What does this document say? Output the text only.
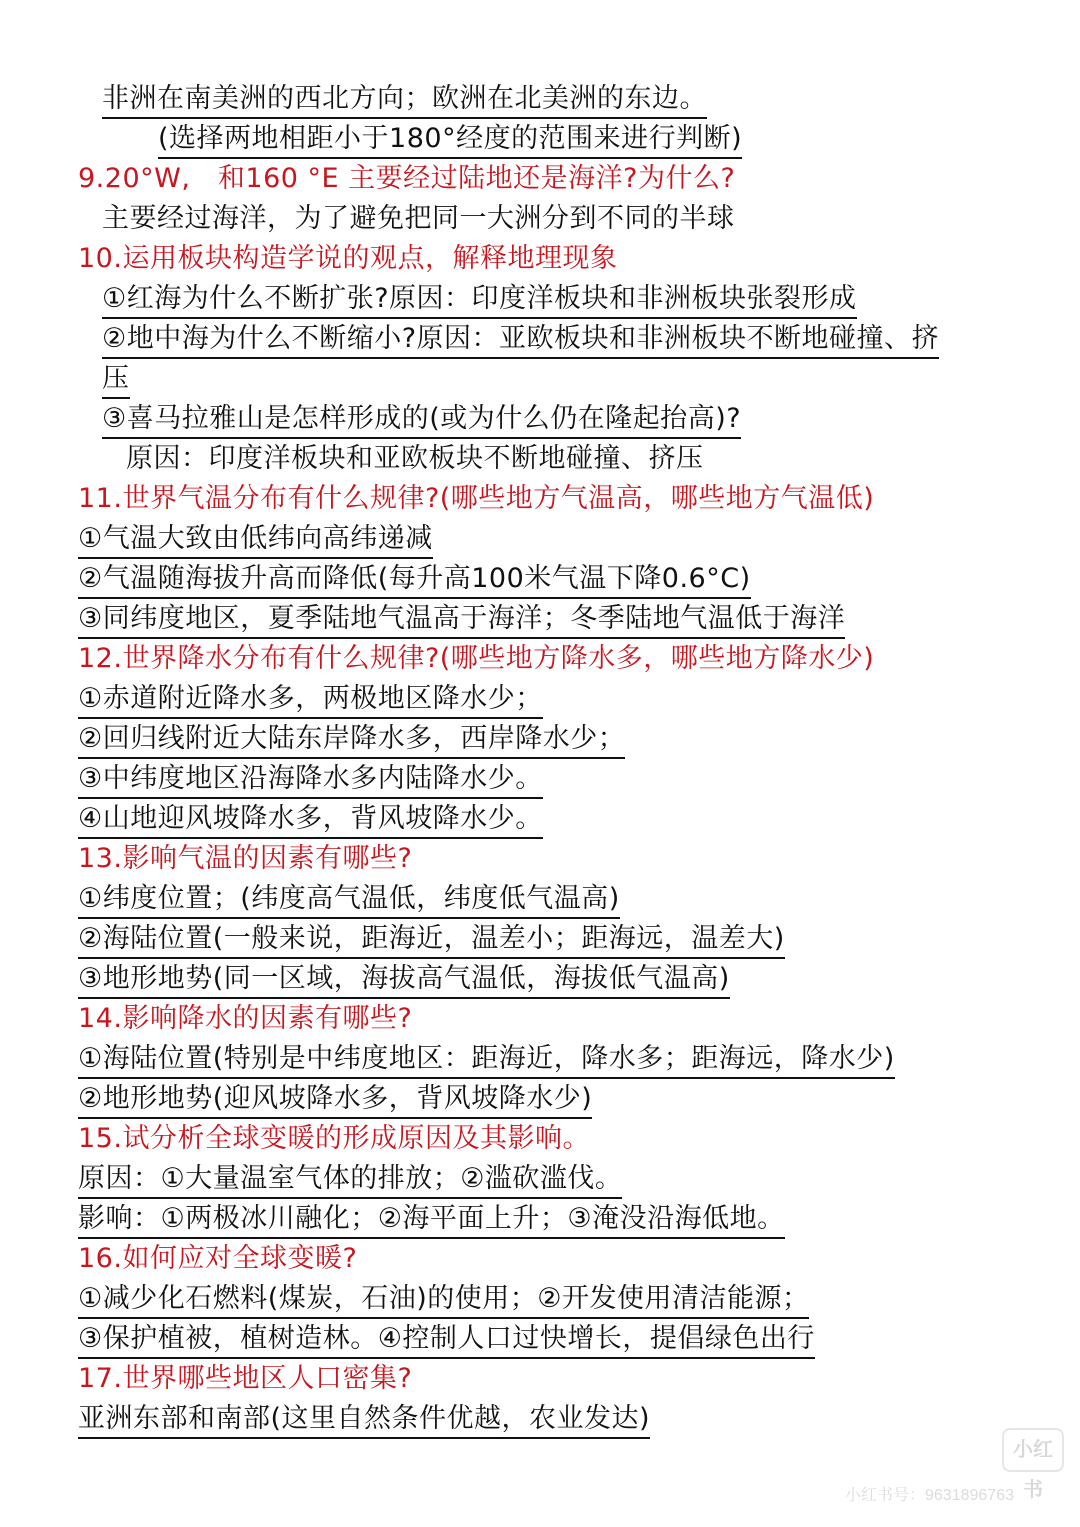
非洲在南美洲的西北方向；欧洲在北美洲的东边。
(选择两地相距小于180°经度的范围来进行判断)
9.20°W,　和160 °E 主要经过陆地还是海洋?为什么?
主要经过海洋，为了避免把同一大洲分到不同的半球
10.运用板块构造学说的观点，解释地理现象
①红海为什么不断扩张?原因：印度洋板块和非洲板块张裂形成
②地中海为什么不断缩小?原因：亚欧板块和非洲板块不断地碰撞、挤
压
③喜马拉雅山是怎样形成的(或为什么仍在隆起抬高)?
原因：印度洋板块和亚欧板块不断地碰撞、挤压
11.世界气温分布有什么规律?(哪些地方气温高，哪些地方气温低)
①气温大致由低纬向高纬递减
②气温随海拔升高而降低(每升高100米气温下降0.6°C)
③同纬度地区，夏季陆地气温高于海洋；冬季陆地气温低于海洋
12.世界降水分布有什么规律?(哪些地方降水多，哪些地方降水少)
①赤道附近降水多，两极地区降水少；
②回归线附近大陆东岸降水多，西岸降水少；
③中纬度地区沿海降水多内陆降水少。
④山地迎风坡降水多，背风坡降水少。
13.影响气温的因素有哪些?
①纬度位置；(纬度高气温低，纬度低气温高)
②海陆位置(一般来说，距海近，温差小；距海远，温差大)
③地形地势(同一区域，海拔高气温低，海拔低气温高)
14.影响降水的因素有哪些?
①海陆位置(特别是中纬度地区：距海近，降水多；距海远，降水少)
②地形地势(迎风坡降水多，背风坡降水少)
15.试分析全球变暖的形成原因及其影响。
原因：①大量温室气体的排放；②滥砍滥伐。
影响：①两极冰川融化；②海平面上升；③淹没沿海低地。
16.如何应对全球变暖?
①减少化石燃料(煤炭，石油)的使用；②开发使用清洁能源；
③保护植被，植树造林。④控制人口过快增长，提倡绿色出行
17.世界哪些地区人口密集?
亚洲东部和南部(这里自然条件优越，农业发达)
小红书
小红书号：9631896763
